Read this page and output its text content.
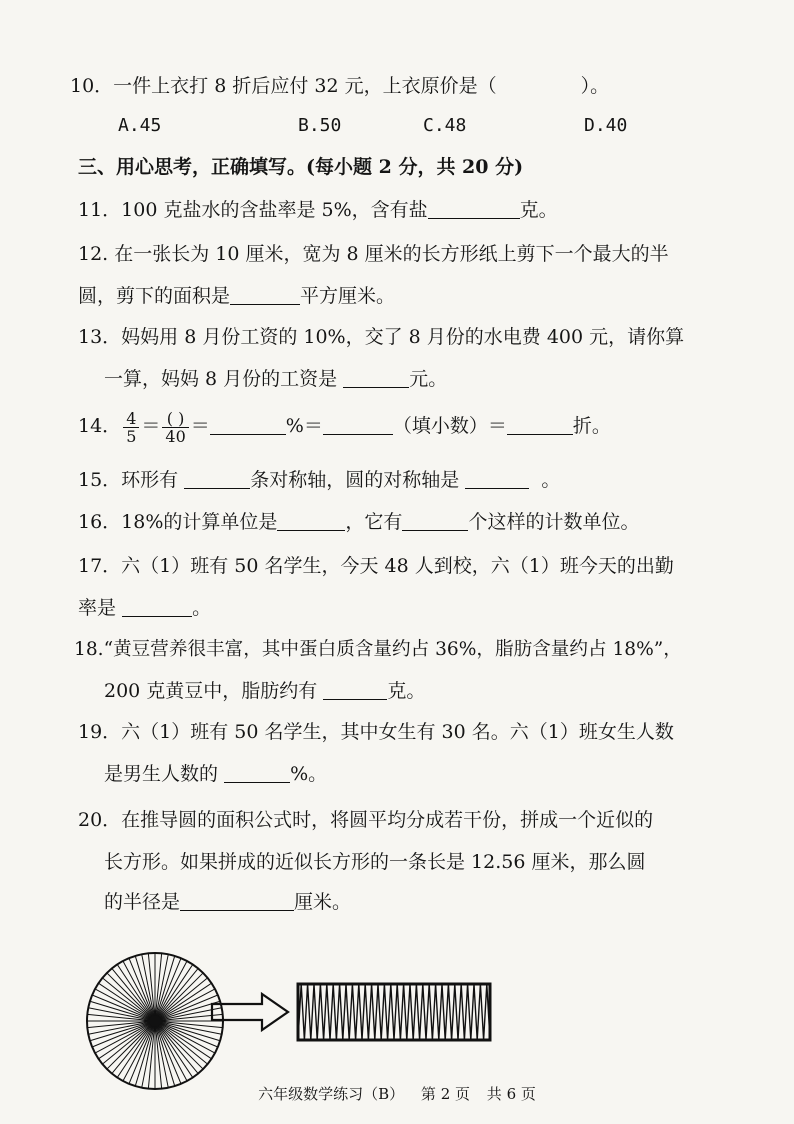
10．一件上衣打 8 折后应付 32 元，上衣原价是（	）。
A.45	B.50	C.48	D.40
三、用心思考，正确填写。(每小题 2 分，共 20 分)
11．100 克盐水的含盐率是 5%，含有盐	克。
12. 在一张长为 10 厘米，宽为 8 厘米的长方形纸上剪下一个最大的半
圆，剪下的面积是	平方厘米。
13．妈妈用 8 月份工资的 10%，交了 8 月份的水电费 400 元，请你算
一算，妈妈 8 月份的工资是	元。
14． $\frac{4}{5} = \frac{( )}{40}$ ＝	%＝	（填小数）＝	折。
15．环形有	条对称轴，圆的对称轴是	。
16．18%的计算单位是	，它有	个这样的计数单位。
17．六（1）班有 50 名学生，今天 48 人到校，六（1）班今天的出勤
率是	。
18.“黄豆营养很丰富，其中蛋白质含量约占 36%，脂肪含量约占 18%”，
200 克黄豆中，脂肪约有	克。
19．六（1）班有 50 名学生，其中女生有 30 名。六（1）班女生人数
是男生人数的	%。
20．在推导圆的面积公式时，将圆平均分成若干份，拼成一个近似的
长方形。如果拼成的近似长方形的一条长是 12.56 厘米，那么圆
的半径是	厘米。
六年级数学练习（B） 第 2 页 共 6 页
